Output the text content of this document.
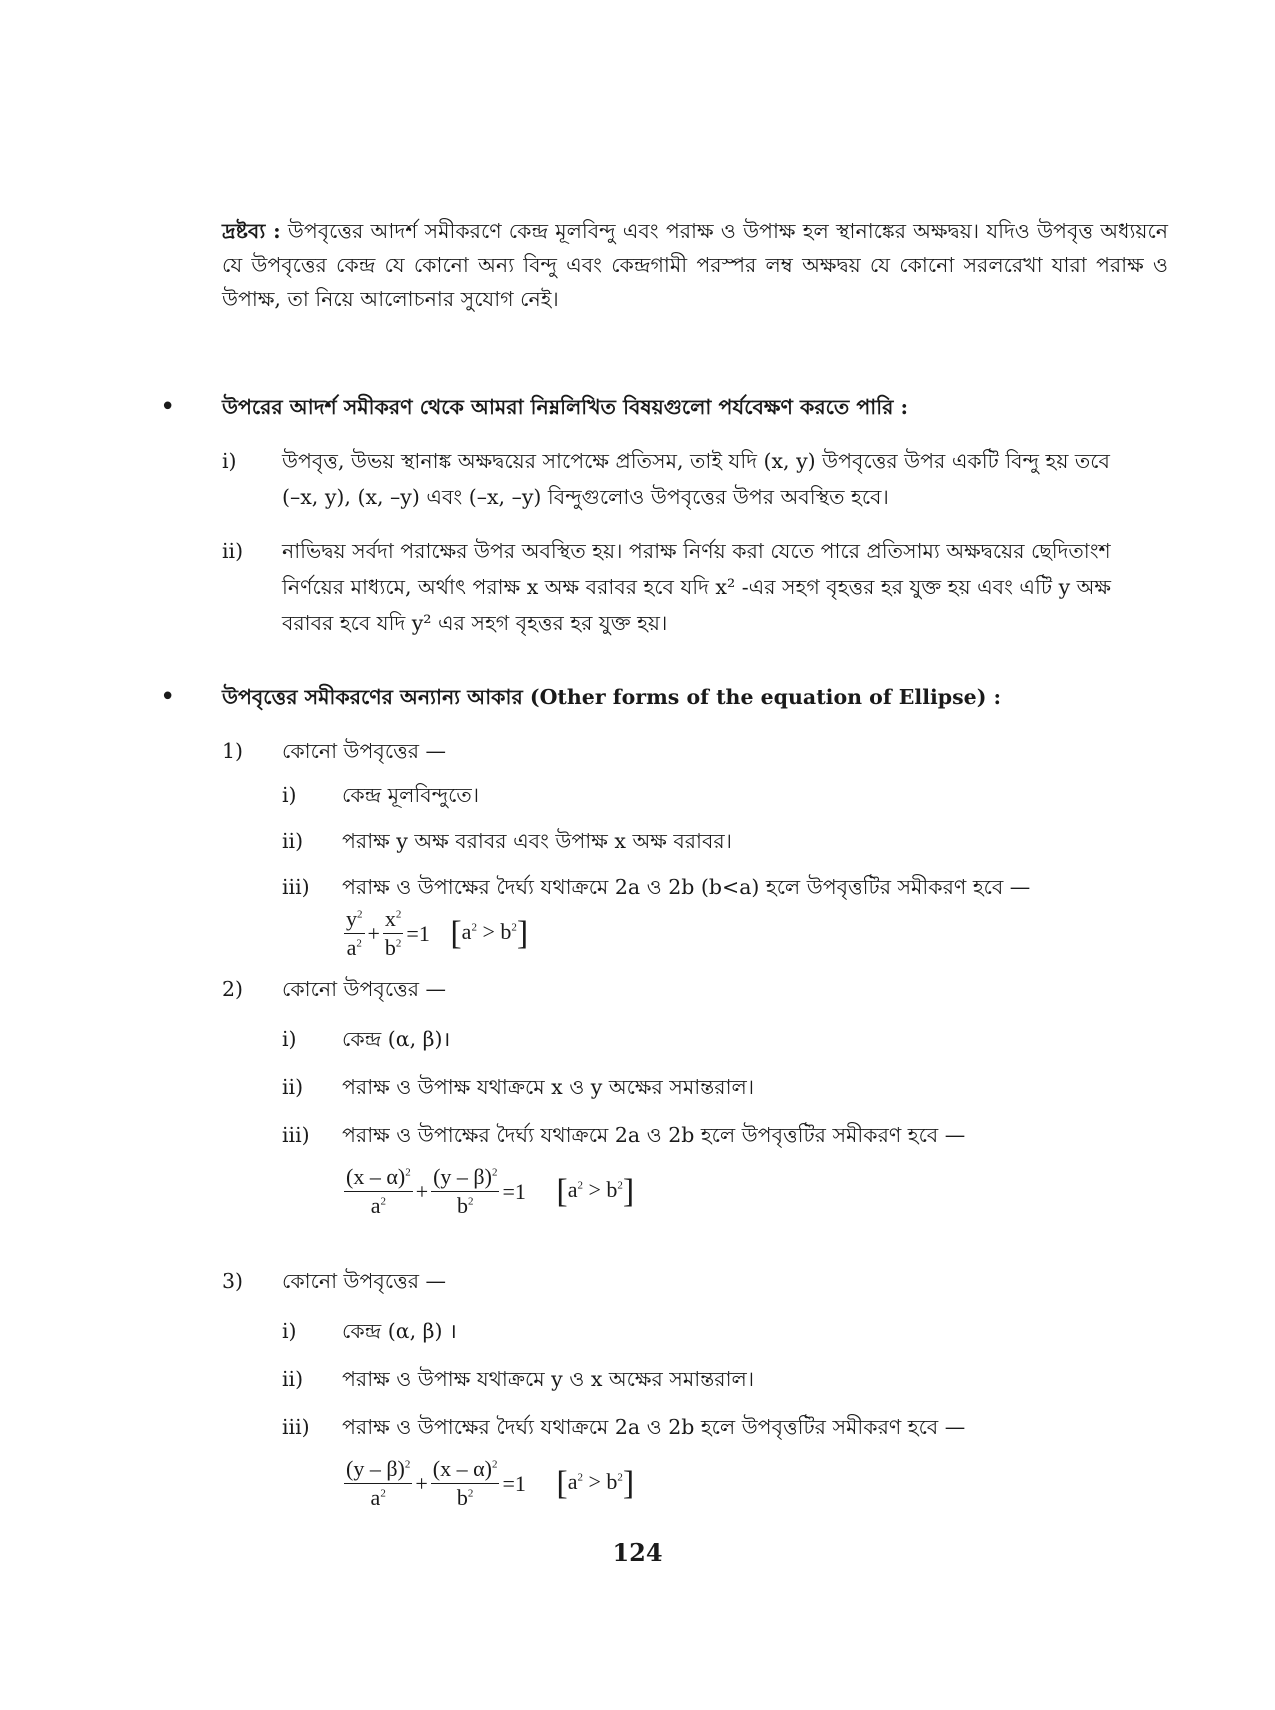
দ্রষ্টব্য : উপবৃত্তের আদর্শ সমীকরণে কেন্দ্র মূলবিন্দু এবং পরাক্ষ ও উপাক্ষ হল স্থানাঙ্কের অক্ষদ্বয়। যদিও উপবৃত্ত অধ্যয়নে যে উপবৃত্তের কেন্দ্র যে কোনো অন্য বিন্দু এবং কেন্দ্রগামী পরস্পর লম্ব অক্ষদ্বয় যে কোনো সরলরেখা যারা পরাক্ষ ও উপাক্ষ, তা নিয়ে আলোচনার সুযোগ নেই।
• উপরের আদর্শ সমীকরণ থেকে আমরা নিম্নলিখিত বিষয়গুলো পর্যবেক্ষণ করতে পারি :
i) উপবৃত্ত, উভয় স্থানাঙ্ক অক্ষদ্বয়ের সাপেক্ষে প্রতিসম, তাই যদি (x, y) উপবৃত্তের উপর একটি বিন্দু হয় তবে
(–x, y), (x, –y) এবং (–x, –y) বিন্দুগুলোও উপবৃত্তের উপর অবস্থিত হবে।
ii) নাভিদ্বয় সর্বদা পরাক্ষের উপর অবস্থিত হয়। পরাক্ষ নির্ণয় করা যেতে পারে প্রতিসাম্য অক্ষদ্বয়ের ছেদিতাংশ
নির্ণয়ের মাধ্যমে, অর্থাৎ পরাক্ষ x অক্ষ বরাবর হবে যদি x² -এর সহগ বৃহত্তর হর যুক্ত হয় এবং এটি y অক্ষ
বরাবর হবে যদি y² এর সহগ বৃহত্তর হর যুক্ত হয়।
• উপবৃত্তের সমীকরণের অন্যান্য আকার (Other forms of the equation of Ellipse) :
1) কোনো উপবৃত্তের —
i) কেন্দ্র মূলবিন্দুতে।
ii) পরাক্ষ y অক্ষ বরাবর এবং উপাক্ষ x অক্ষ বরাবর।
iii) পরাক্ষ ও উপাক্ষের দৈর্ঘ্য যথাক্রমে 2a ও 2b (b<a) হলে উপবৃত্তটির সমীকরণ হবে —
$\frac{y^2}{a^2} + \frac{x^2}{b^2} =1$ $[a^2 > b^2]$
2) কোনো উপবৃত্তের —
i) কেন্দ্র (α, β)।
ii) পরাক্ষ ও উপাক্ষ যথাক্রমে x ও y অক্ষের সমান্তরাল।
iii) পরাক্ষ ও উপাক্ষের দৈর্ঘ্য যথাক্রমে 2a ও 2b হলে উপবৃত্তটির সমীকরণ হবে —
$\frac{(x - \alpha)^2}{a^2} + \frac{(y - \beta)^2}{b^2} =1$ $[a^2 > b^2]$
3) কোনো উপবৃত্তের —
i) কেন্দ্র (α, β) ।
ii) পরাক্ষ ও উপাক্ষ যথাক্রমে y ও x অক্ষের সমান্তরাল।
iii) পরাক্ষ ও উপাক্ষের দৈর্ঘ্য যথাক্রমে 2a ও 2b হলে উপবৃত্তটির সমীকরণ হবে —
$\frac{(y - \beta)^2}{a^2} + \frac{(x - \alpha)^2}{b^2} =1$ $[a^2 > b^2]$
124
